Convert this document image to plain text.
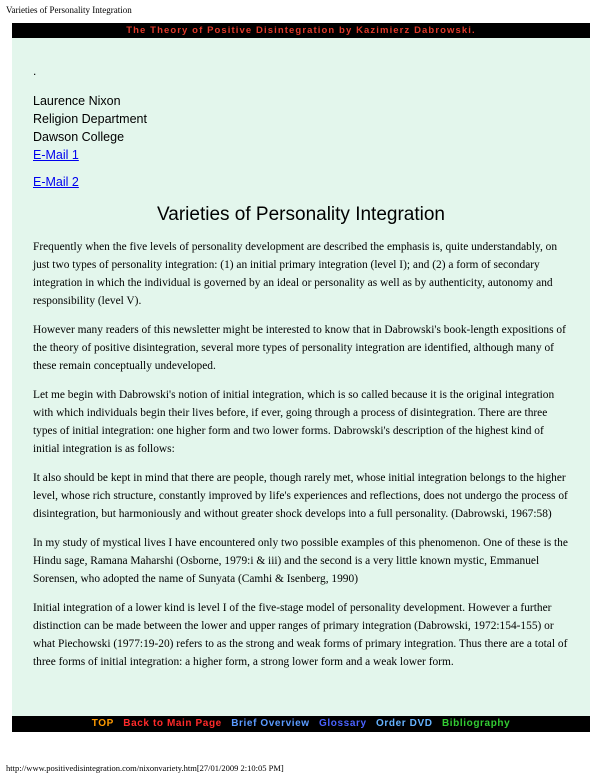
Varieties of Personality Integration
The Theory of Positive Disintegration by Kazimierz Dabrowski.
.
Laurence Nixon
Religion Department
Dawson College
E-Mail 1
E-Mail 2
Varieties of Personality Integration

Frequently when the five levels of personality development are described the emphasis is, quite understandably, on just two types of personality integration: (1) an initial primary integration (level I); and (2) a form of secondary integration in which the individual is governed by an ideal or personality as well as by authenticity, autonomy and responsibility (level V).

However many readers of this newsletter might be interested to know that in Dabrowski's book-length expositions of the theory of positive disintegration, several more types of personality integration are identified, although many of these remain conceptually undeveloped.

Let me begin with Dabrowski's notion of initial integration, which is so called because it is the original integration with which individuals begin their lives before, if ever, going through a process of disintegration. There are three types of initial integration: one higher form and two lower forms. Dabrowski's description of the highest kind of initial integration is as follows:

It also should be kept in mind that there are people, though rarely met, whose initial integration belongs to the higher level, whose rich structure, constantly improved by life's experiences and reflections, does not undergo the process of disintegration, but harmoniously and without greater shock develops into a full personality. (Dabrowski, 1967:58)

In my study of mystical lives I have encountered only two possible examples of this phenomenon. One of these is the Hindu sage, Ramana Maharshi (Osborne, 1979:i & iii) and the second is a very little known mystic, Emmanuel Sorensen, who adopted the name of Sunyata (Camhi & Isenberg, 1990)

Initial integration of a lower kind is level I of the five-stage model of personality development. However a further distinction can be made between the lower and upper ranges of primary integration (Dabrowski, 1972:154-155) or what Piechowski (1977:19-20) refers to as the strong and weak forms of primary integration. Thus there are a total of three forms of initial integration: a higher form, a strong lower form and a weak lower form.

TOP Back to Main Page Brief Overview Glossary Order DVD Bibliography
http://www.positivedisintegration.com/nixonvariety.htm[27/01/2009 2:10:05 PM]
